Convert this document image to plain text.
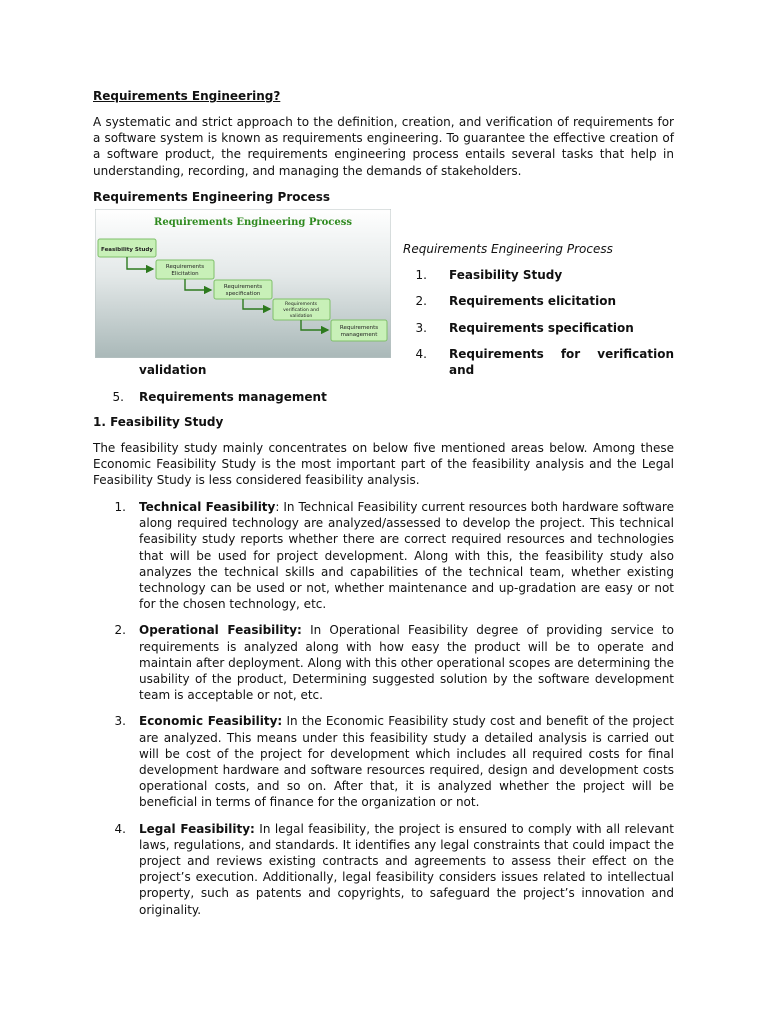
Requirements Engineering?

A systematic and strict approach to the definition, creation, and verification of requirements for a software system is known as requirements engineering. To guarantee the effective creation of a software product, the requirements engineering process entails several tasks that help in understanding, recording, and managing the demands of stakeholders.

Requirements Engineering Process

Requirements Engineering Process
Feasibility Study
Requirements
Elicitation
Requirements
specification
Requirements
verification and
validation
Requirements
management

Requirements Engineering Process

1. Feasibility Study

2. Requirements elicitation

3. Requirements specification

4. Requirements for verification and

validation

5. Requirements management

1. Feasibility Study

The feasibility study mainly concentrates on below five mentioned areas below. Among these Economic Feasibility Study is the most important part of the feasibility analysis and the Legal Feasibility Study is less considered feasibility analysis.

1. Technical Feasibility: In Technical Feasibility current resources both hardware software along required technology are analyzed/assessed to develop the project. This technical feasibility study reports whether there are correct required resources and technologies that will be used for project development. Along with this, the feasibility study also analyzes the technical skills and capabilities of the technical team, whether existing technology can be used or not, whether maintenance and up-gradation are easy or not for the chosen technology, etc.
2. Operational Feasibility: In Operational Feasibility degree of providing service to requirements is analyzed along with how easy the product will be to operate and maintain after deployment. Along with this other operational scopes are determining the usability of the product, Determining suggested solution by the software development team is acceptable or not, etc.
3. Economic Feasibility: In the Economic Feasibility study cost and benefit of the project are analyzed. This means under this feasibility study a detailed analysis is carried out will be cost of the project for development which includes all required costs for final development hardware and software resources required, design and development costs operational costs, and so on. After that, it is analyzed whether the project will be beneficial in terms of finance for the organization or not.
4. Legal Feasibility: In legal feasibility, the project is ensured to comply with all relevant laws, regulations, and standards. It identifies any legal constraints that could impact the project and reviews existing contracts and agreements to assess their effect on the project’s execution. Additionally, legal feasibility considers issues related to intellectual property, such as patents and copyrights, to safeguard the project’s innovation and originality.
